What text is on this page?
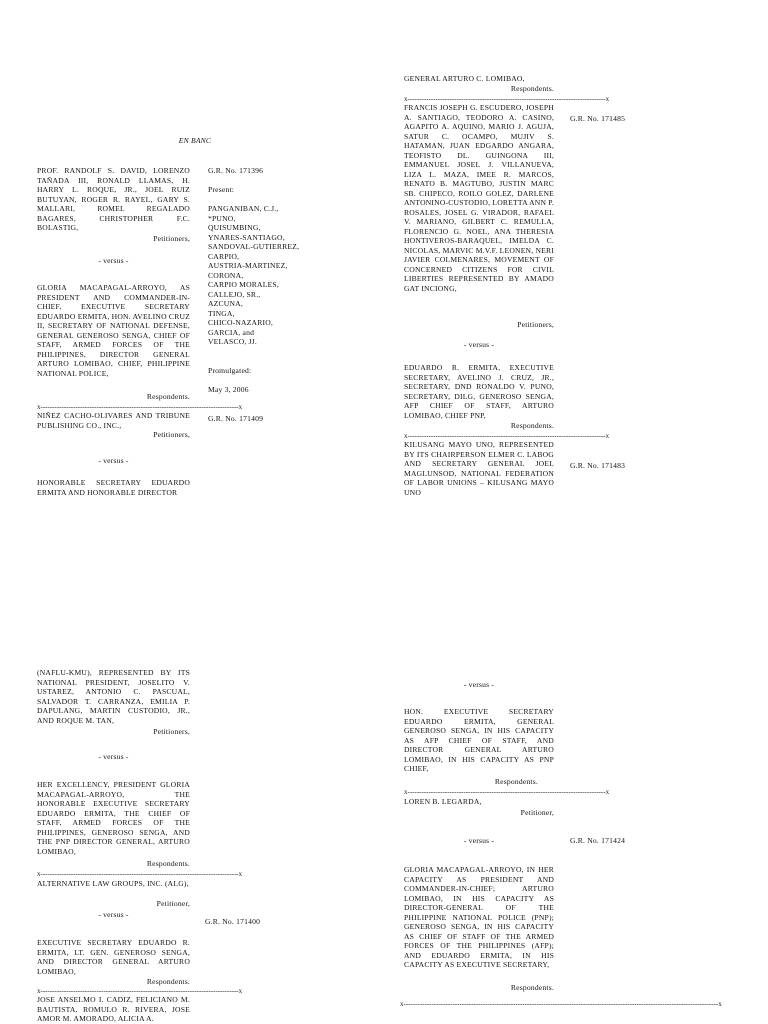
EN BANC
PROF. RANDOLF S. DAVID, LORENZO TAÑADA III, RONALD LLAMAS, H. HARRY L. ROQUE, JR., JOEL RUIZ BUTUYAN, ROGER R. RAYEL, GARY S. MALLARI, ROMEL REGALADO BAGARES, CHRISTOPHER F.C. BOLASTIG,
Petitioners,
- versus -
GLORIA MACAPAGAL-ARROYO, AS PRESIDENT AND COMMANDER-IN-CHIEF, EXECUTIVE SECRETARY EDUARDO ERMITA, HON. AVELINO CRUZ II, SECRETARY OF NATIONAL DEFENSE, GENERAL GENEROSO SENGA, CHIEF OF STAFF, ARMED FORCES OF THE PHILIPPINES, DIRECTOR GENERAL ARTURO LOMIBAO, CHIEF, PHILIPPINE NATIONAL POLICE,
Respondents.
x-------------------------------------------------------------------------------------x
NIÑEZ CACHO-OLIVARES AND TRIBUNE PUBLISHING CO., INC.,
Petitioners,
- versus -
HONORABLE SECRETARY EDUARDO ERMITA AND HONORABLE DIRECTOR
G.R. No. 171396
Present:
PANGANIBAN, C.J.,
*PUNO,
QUISUMBING,
YNARES-SANTIAGO,
SANDOVAL-GUTIERREZ,
CARPIO,
AUSTRIA-MARTINEZ,
CORONA,
CARPIO MORALES,
CALLEJO, SR.,
AZCUNA,
TINGA,
CHICO-NAZARIO,
GARCIA, and
VELASCO, JJ.
Promulgated:
May 3, 2006
G.R. No. 171409
(NAFLU-KMU), REPRESENTED BY ITS NATIONAL PRESIDENT, JOSELITO V. USTAREZ, ANTONIO C. PASCUAL, SALVADOR T. CARRANZA, EMILIA P. DAPULANG, MARTIN CUSTODIO, JR., AND ROQUE M. TAN,
Petitioners,
- versus -
HER EXCELLENCY, PRESIDENT GLORIA MACAPAGAL-ARROYO, THE HONORABLE EXECUTIVE SECRETARY EDUARDO ERMITA, THE CHIEF OF STAFF, ARMED FORCES OF THE PHILIPPINES, GENEROSO SENGA, AND THE PNP DIRECTOR GENERAL, ARTURO LOMIBAO,
Respondents.
x-------------------------------------------------------------------------------------x
ALTERNATIVE LAW GROUPS, INC. (ALG),
Petitioner,
- versus -
G.R. No. 171400
EXECUTIVE SECRETARY EDUARDO R. ERMITA, LT. GEN. GENEROSO SENGA, AND DIRECTOR GENERAL ARTURO LOMIBAO,
Respondents.
x-------------------------------------------------------------------------------------x
JOSE ANSELMO I. CADIZ, FELICIANO M. BAUTISTA, ROMULO R. RIVERA, JOSE AMOR M. AMORADO, ALICIA A.
GENERAL ARTURO C. LOMIBAO,
Respondents.
x-------------------------------------------------------------------------------------x
FRANCIS JOSEPH G. ESCUDERO, JOSEPH A. SANTIAGO, TEODORO A. CASINO, AGAPITO A. AQUINO, MARIO J. AGUJA, SATUR C. OCAMPO, MUJIV S. HATAMAN, JUAN EDGARDO ANGARA, TEOFISTO DL. GUINGONA III, EMMANUEL JOSEL J. VILLANUEVA, LIZA L. MAZA, IMEE R. MARCOS, RENATO B. MAGTUBO, JUSTIN MARC SB. CHIPECO, ROILO GOLEZ, DARLENE ANTONINO-CUSTODIO, LORETTA ANN P. ROSALES, JOSEL G. VIRADOR, RAFAEL V. MARIANO, GILBERT C. REMULLA, FLORENCIO G. NOEL, ANA THERESIA HONTIVEROS-BARAQUEL, IMELDA C. NICOLAS, MARVIC M.V.F. LEONEN, NERI JAVIER COLMENARES, MOVEMENT OF CONCERNED CITIZENS FOR CIVIL LIBERTIES REPRESENTED BY AMADO GAT INCIONG,
G.R. No. 171485
Petitioners,
- versus -
EDUARDO R. ERMITA, EXECUTIVE SECRETARY, AVELINO J. CRUZ, JR., SECRETARY, DND RONALDO V. PUNO, SECRETARY, DILG, GENEROSO SENGA, AFP CHIEF OF STAFF, ARTURO LOMIBAO, CHIEF PNP,
Respondents.
x-------------------------------------------------------------------------------------x
KILUSANG MAYO UNO, REPRESENTED BY ITS CHAIRPERSON ELMER C. LABOG AND SECRETARY GENERAL JOEL MAGLUNSOD, NATIONAL FEDERATION OF LABOR UNIONS – KILUSANG MAYO UNO
G.R. No. 171483
- versus -
HON. EXECUTIVE SECRETARY EDUARDO ERMITA, GENERAL GENEROSO SENGA, IN HIS CAPACITY AS AFP CHIEF OF STAFF, AND DIRECTOR GENERAL ARTURO LOMIBAO, IN HIS CAPACITY AS PNP CHIEF,
Respondents.
x-------------------------------------------------------------------------------------x
LOREN B. LEGARDA,
Petitioner,
- versus -	G.R. No. 171424
GLORIA MACAPAGAL-ARROYO, IN HER CAPACITY AS PRESIDENT AND COMMANDER-IN-CHIEF; ARTURO LOMIBAO, IN HIS CAPACITY AS DIRECTOR-GENERAL OF THE PHILIPPINE NATIONAL POLICE (PNP); GENEROSO SENGA, IN HIS CAPACITY AS CHIEF OF STAFF OF THE ARMED FORCES OF THE PHILIPPINES (AFP); AND EDUARDO ERMITA, IN HIS CAPACITY AS EXECUTIVE SECRETARY,
Respondents.
x---------------------------------------------------------------------------------------------------------------------------------------x
